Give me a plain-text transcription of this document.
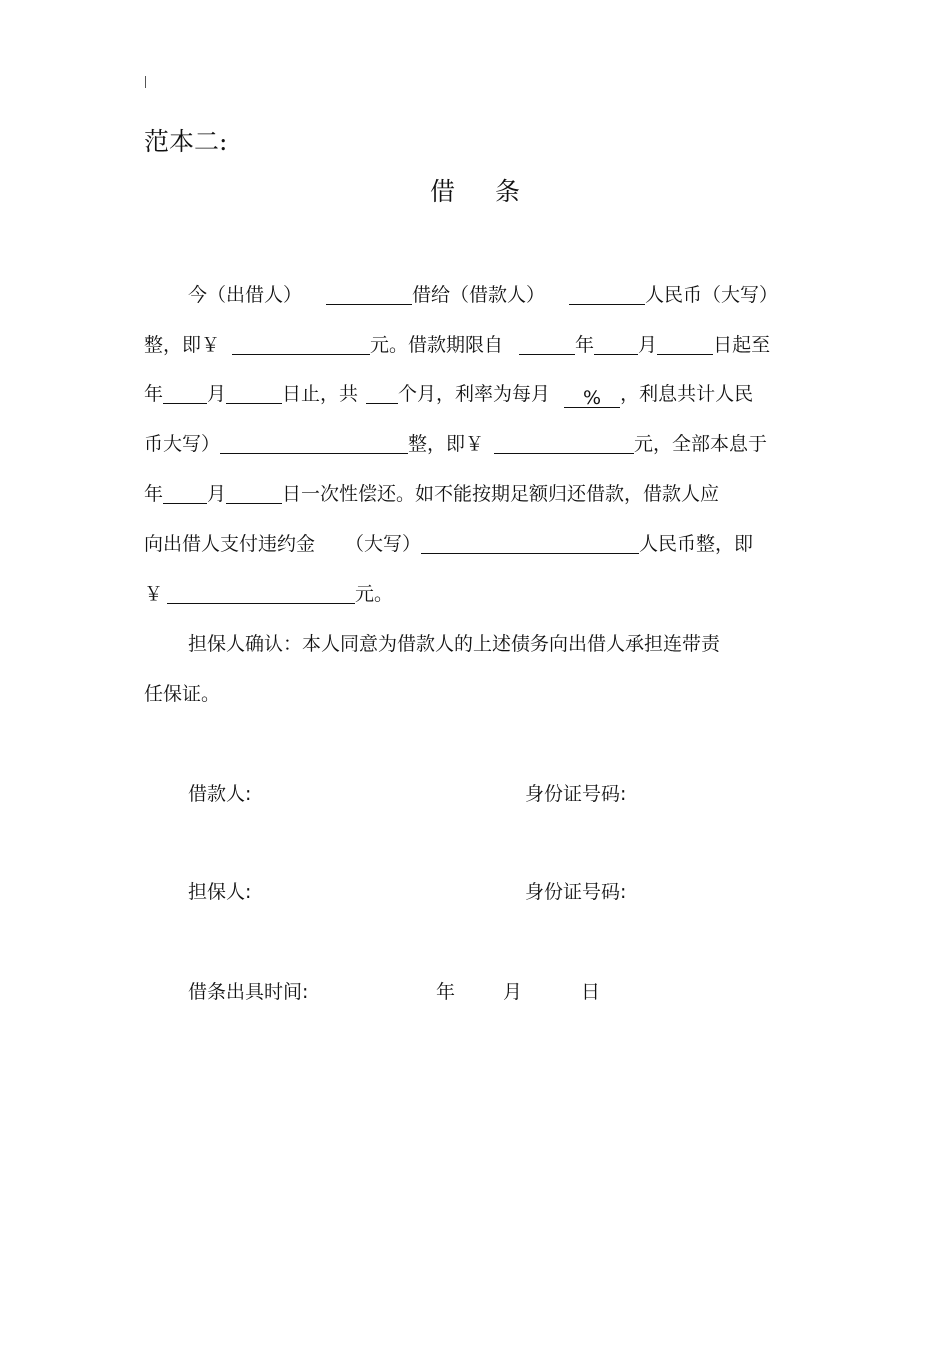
范本二:
借条
今（出借人）	借给（借款人）	人民币（大写）
整，即￥	元。借款期限自	年 月	日起至
年 月	日止，共 个月，利率为每月 % ，利息共计人民
币大写）	整，即￥	元，全部本息于
年 月	日一次性偿还。如不能按期足额归还借款，借款人应
向出借人支付违约金 （大写）	人民币整，即
￥	元。
担保人确认：本人同意为借款人的上述债务向出借人承担连带责
任保证。
借款人:	身份证号码:
担保人:	身份证号码:
借条出具时间:	年	月	日
